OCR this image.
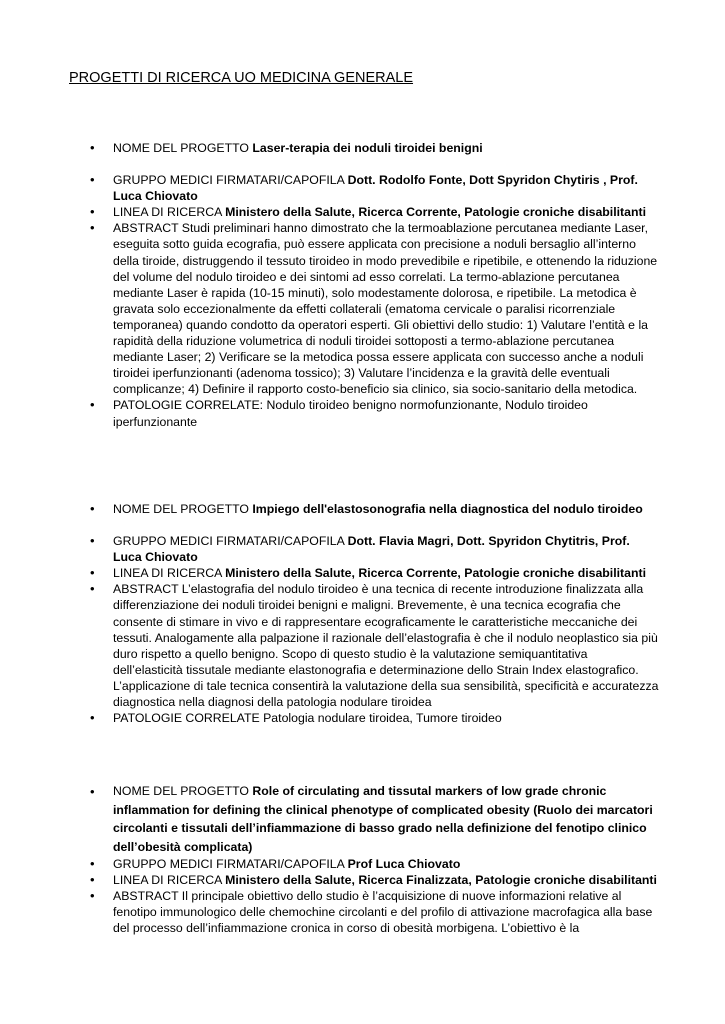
PROGETTI DI RICERCA UO MEDICINA GENERALE
• NOME DEL PROGETTO Laser-terapia dei noduli tiroidei benigni
• GRUPPO MEDICI FIRMATARI/CAPOFILA Dott. Rodolfo Fonte, Dott Spyridon Chytiris , Prof. Luca Chiovato
• LINEA DI RICERCA Ministero della Salute, Ricerca Corrente, Patologie croniche disabilitanti
• ABSTRACT Studi preliminari hanno dimostrato che la termoablazione percutanea mediante Laser, eseguita sotto guida ecografia, può essere applicata con precisione a noduli bersaglio all’interno della tiroide, distruggendo il tessuto tiroideo in modo prevedibile e ripetibile, e ottenendo la riduzione del volume del nodulo tiroideo e dei sintomi ad esso correlati. La termo-ablazione percutanea mediante Laser è rapida (10-15 minuti), solo modestamente dolorosa, e ripetibile. La metodica è gravata solo eccezionalmente da effetti collaterali (ematoma cervicale o paralisi ricorrenziale temporanea) quando condotto da operatori esperti. Gli obiettivi dello studio: 1) Valutare l’entità e la rapidità della riduzione volumetrica di noduli tiroidei sottoposti a termo-ablazione percutanea mediante Laser; 2) Verificare se la metodica possa essere applicata con successo anche a noduli tiroidei iperfunzionanti (adenoma tossico); 3) Valutare l’incidenza e la gravità delle eventuali complicanze; 4) Definire il rapporto costo-beneficio sia clinico, sia socio-sanitario della metodica.
• PATOLOGIE CORRELATE: Nodulo tiroideo benigno normofunzionante, Nodulo tiroideo iperfunzionante
• NOME DEL PROGETTO Impiego dell'elastosonografia nella diagnostica del nodulo tiroideo
• GRUPPO MEDICI FIRMATARI/CAPOFILA Dott. Flavia Magri, Dott. Spyridon Chytitris, Prof. Luca Chiovato
• LINEA DI RICERCA Ministero della Salute, Ricerca Corrente, Patologie croniche disabilitanti
• ABSTRACT L’elastografia del nodulo tiroideo è una tecnica di recente introduzione finalizzata alla differenziazione dei noduli tiroidei benigni e maligni. Brevemente, è una tecnica ecografia che consente di stimare in vivo e di rappresentare ecograficamente le caratteristiche meccaniche dei tessuti. Analogamente alla palpazione il razionale dell’elastografia è che il nodulo neoplastico sia più duro rispetto a quello benigno. Scopo di questo studio è la valutazione semiquantitativa dell’elasticità tissutale mediante elastonografia e determinazione dello Strain Index elastografico. L’applicazione di tale tecnica consentirà la valutazione della sua sensibilità, specificità e accuratezza diagnostica nella diagnosi della patologia nodulare tiroidea
• PATOLOGIE CORRELATE Patologia nodulare tiroidea, Tumore tiroideo
• NOME DEL PROGETTO Role of circulating and tissutal markers of low grade chronic inflammation for defining the clinical phenotype of complicated obesity (Ruolo dei marcatori circolanti e tissutali dell’infiammazione di basso grado nella definizione del fenotipo clinico dell’obesità complicata)
• GRUPPO MEDICI FIRMATARI/CAPOFILA Prof Luca Chiovato
• LINEA DI RICERCA Ministero della Salute, Ricerca Finalizzata, Patologie croniche disabilitanti
• ABSTRACT Il principale obiettivo dello studio è l’acquisizione di nuove informazioni relative al fenotipo immunologico delle chemochine circolanti e del profilo di attivazione macrofagica alla base del processo dell’infiammazione cronica in corso di obesità morbigena. L’obiettivo è la
